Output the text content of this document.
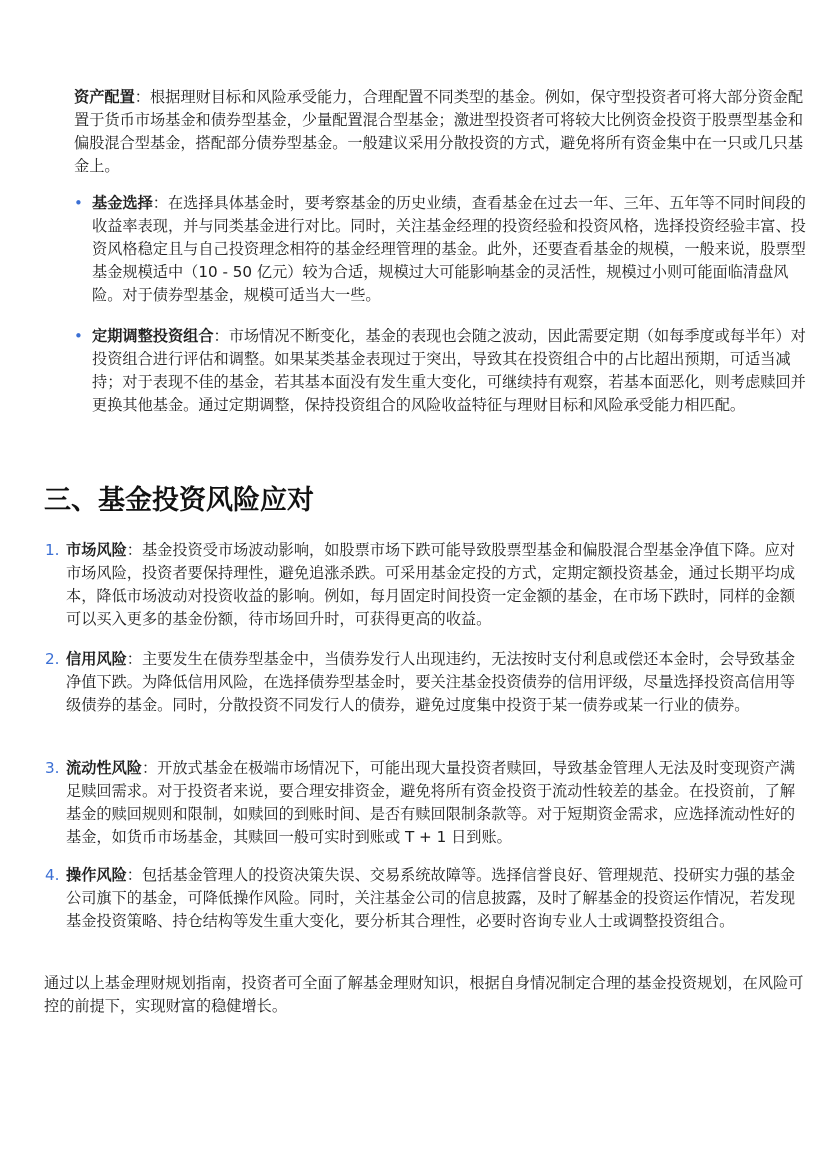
资产配置：根据理财目标和风险承受能力，合理配置不同类型的基金。例如，保守型投资者可将大部分资金配置于货币市场基金和债券型基金，少量配置混合型基金；激进型投资者可将较大比例资金投资于股票型基金和偏股混合型基金，搭配部分债券型基金。一般建议采用分散投资的方式，避免将所有资金集中在一只或几只基金上。

• 基金选择：在选择具体基金时，要考察基金的历史业绩，查看基金在过去一年、三年、五年等不同时间段的收益率表现，并与同类基金进行对比。同时，关注基金经理的投资经验和投资风格，选择投资经验丰富、投资风格稳定且与自己投资理念相符的基金经理管理的基金。此外，还要查看基金的规模，一般来说，股票型基金规模适中（10 - 50 亿元）较为合适，规模过大可能影响基金的灵活性，规模过小则可能面临清盘风险。对于债券型基金，规模可适当大一些。

• 定期调整投资组合：市场情况不断变化，基金的表现也会随之波动，因此需要定期（如每季度或每半年）对投资组合进行评估和调整。如果某类基金表现过于突出，导致其在投资组合中的占比超出预期，可适当减持；对于表现不佳的基金，若其基本面没有发生重大变化，可继续持有观察，若基本面恶化，则考虑赎回并更换其他基金。通过定期调整，保持投资组合的风险收益特征与理财目标和风险承受能力相匹配。

三、基金投资风险应对
1. 市场风险：基金投资受市场波动影响，如股票市场下跌可能导致股票型基金和偏股混合型基金净值下降。应对市场风险，投资者要保持理性，避免追涨杀跌。可采用基金定投的方式，定期定额投资基金，通过长期平均成本，降低市场波动对投资收益的影响。例如，每月固定时间投资一定金额的基金，在市场下跌时，同样的金额可以买入更多的基金份额，待市场回升时，可获得更高的收益。

2. 信用风险：主要发生在债券型基金中，当债券发行人出现违约，无法按时支付利息或偿还本金时，会导致基金净值下跌。为降低信用风险，在选择债券型基金时，要关注基金投资债券的信用评级，尽量选择投资高信用等级债券的基金。同时，分散投资不同发行人的债券，避免过度集中投资于某一债券或某一行业的债券。

3. 流动性风险：开放式基金在极端市场情况下，可能出现大量投资者赎回，导致基金管理人无法及时变现资产满足赎回需求。对于投资者来说，要合理安排资金，避免将所有资金投资于流动性较差的基金。在投资前，了解基金的赎回规则和限制，如赎回的到账时间、是否有赎回限制条款等。对于短期资金需求，应选择流动性好的基金，如货币市场基金，其赎回一般可实时到账或 T + 1 日到账。

4. 操作风险：包括基金管理人的投资决策失误、交易系统故障等。选择信誉良好、管理规范、投研实力强的基金公司旗下的基金，可降低操作风险。同时，关注基金公司的信息披露，及时了解基金的投资运作情况，若发现基金投资策略、持仓结构等发生重大变化，要分析其合理性，必要时咨询专业人士或调整投资组合。

通过以上基金理财规划指南，投资者可全面了解基金理财知识，根据自身情况制定合理的基金投资规划，在风险可控的前提下，实现财富的稳健增长。
